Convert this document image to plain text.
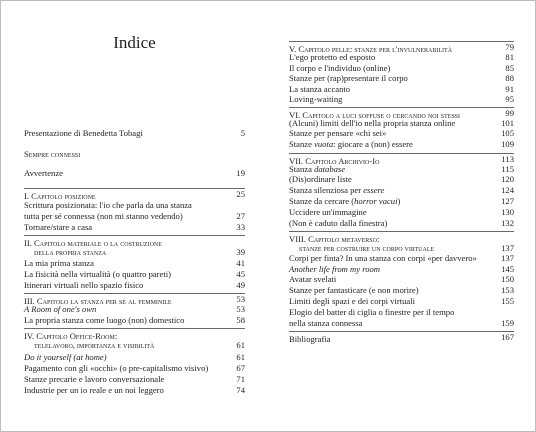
Indice
Presentazione di Benedetta Tobagi	5
Sempre connessi
Avvertenze	19
I. Capitolo posizione	25
Scrittura posizionata: l'io che parla da una stanza
tutta per sé connessa (non mi stanno vedendo)	27
Tornare/stare a casa	33
II. Capitolo materiale o la costruzione
della propria stanza	39
La mia prima stanza	41
La fisicità nella virtualità (o quattro pareti)	45
Itinerari virtuali nello spazio fisico	49
III. Capitolo la stanza per sé al femminile	53
A Room of one's own	53
La propria stanza come luogo (non) domestico	58
IV. Capitolo Office-Room:
telelavoro, importanza e visibilità	61
Do it yourself (at home)	61
Pagamento con gli «occhi» (o pre-capitalismo visivo)	67
Stanze precarie e lavoro conversazionale	71
Industrie per un io reale e un noi leggero	74
V. Capitolo pelle: stanze per l'invulnerabilità	79
L'ego protetto ed esposto	81
Il corpo e l'individuo (online)	85
Stanze per (rap)presentare il corpo	88
La stanza accanto	91
Loving-waiting	95
VI. Capitolo a luci soffuse o cercando noi stessi	99
(Alcuni) limiti dell'io nella propria stanza online	101
Stanze per pensare «chi sei»	105
Stanze vuota: giocare a (non) essere	109
VII. Capitolo Archivio-Io	113
Stanza database	115
(Dis)ordinare liste	120
Stanza silenziosa per essere	124
Stanze da cercare (horror vacui)	127
Uccidere un'immagine	130
(Non è caduto dalla finestra)	132
VIII. Capitolo metaverso:
stanze per costruire un corpo virtuale	137
Corpi per finta? In una stanza con corpi «per davvero»	137
Another life from my room	145
Avatar svelati	150
Stanze per fantasticare (e non morire)	153
Limiti degli spazi e dei corpi virtuali	155
Elogio del batter di ciglia o finestre per il tempo
nella stanza connessa	159
Bibliografia	167
